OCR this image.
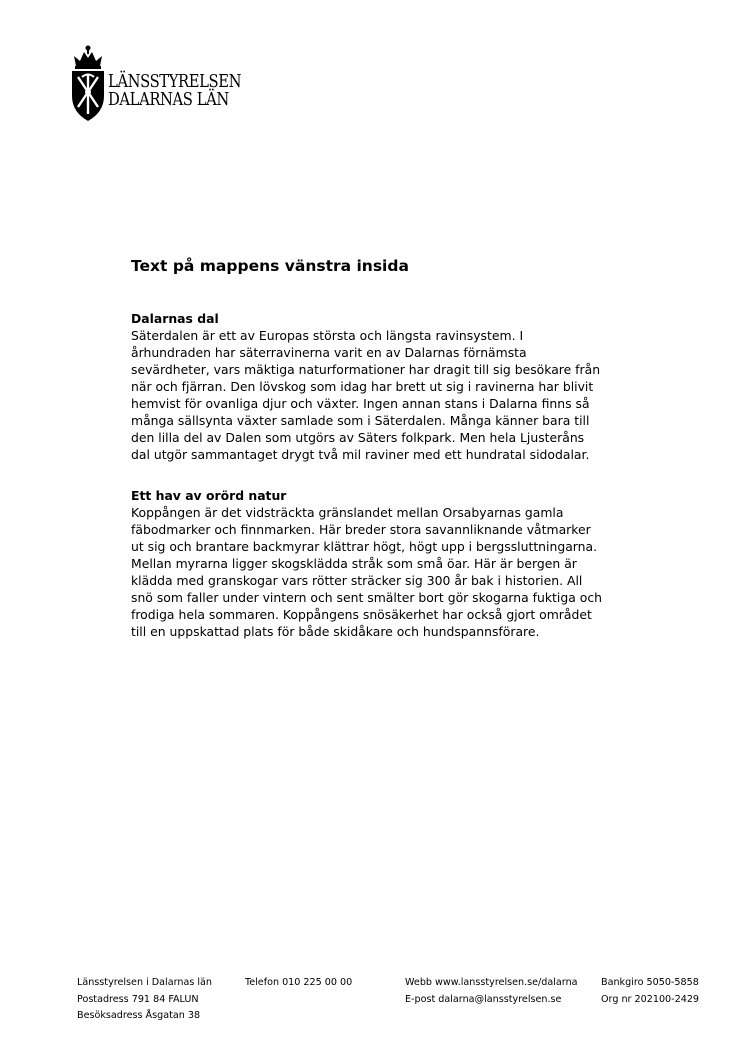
LÄNSSTYRELSEN
DALARNAS LÄN
Text på mappens vänstra insida
Dalarnas dal

Säterdalen är ett av Europas största och längsta ravinsystem. I
århundraden har säterravinerna varit en av Dalarnas förnämsta
sevärdheter, vars mäktiga naturformationer har dragit till sig besökare från
när och fjärran. Den lövskog som idag har brett ut sig i ravinerna har blivit
hemvist för ovanliga djur och växter. Ingen annan stans i Dalarna finns så
många sällsynta växter samlade som i Säterdalen. Många känner bara till
den lilla del av Dalen som utgörs av Säters folkpark. Men hela Ljusteråns
dal utgör sammantaget drygt två mil raviner med ett hundratal sidodalar.

Ett hav av orörd natur

Koppången är det vidsträckta gränslandet mellan Orsabyarnas gamla
fäbodmarker och finnmarken. Här breder stora savannliknande våtmarker
ut sig och brantare backmyrar klättrar högt, högt upp i bergssluttningarna.
Mellan myrarna ligger skogsklädda stråk som små öar. Här är bergen är
klädda med granskogar vars rötter sträcker sig 300 år bak i historien. All
snö som faller under vintern och sent smälter bort gör skogarna fuktiga och
frodiga hela sommaren. Koppångens snösäkerhet har också gjort området
till en uppskattad plats för både skidåkare och hundspannsförare.

Länsstyrelsen i Dalarnas län
Postadress 791 84 FALUN
Besöksadress Åsgatan 38
Telefon 010 225 00 00	Webb www.lansstyrelsen.se/dalarna
E-post dalarna@lansstyrelsen.se
Bankgiro 5050-5858
Org nr 202100-2429
